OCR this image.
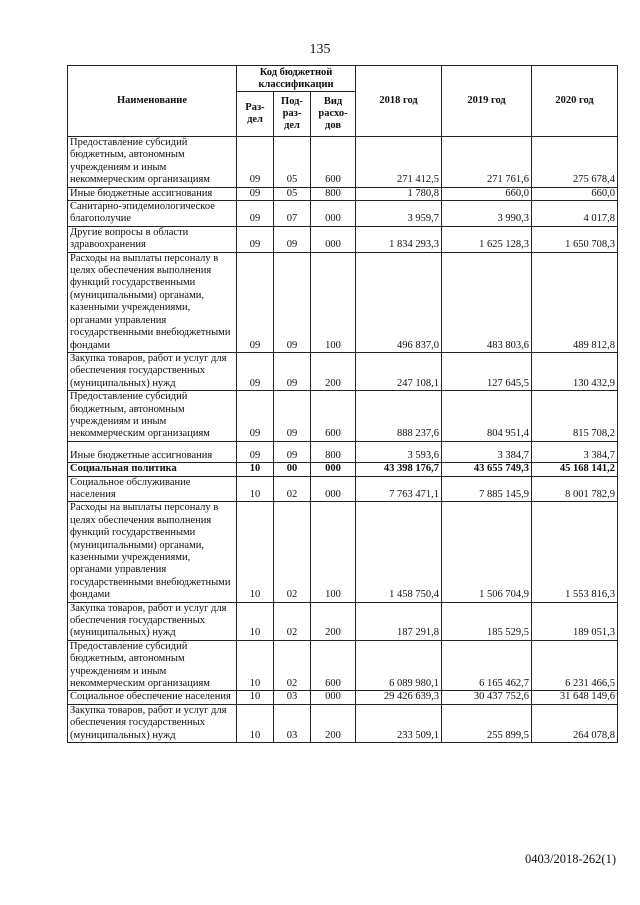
135
Наименование	Код бюджетной классификации			2018 год	2019 год	2020 год
	Раз-дел	Под-раз-дел	Вид расхо-дов			
Предоставление субсидий бюджетным, автономным учреждениям и иным некоммерческим организациям	09	05	600	271 412,5	271 761,6	275 678,4
Иные бюджетные ассигнования	09	05	800	1 780,8	660,0	660,0
Санитарно-эпидемиологическое благополучие	09	07	000	3 959,7	3 990,3	4 017,8
Другие вопросы в области здравоохранения	09	09	000	1 834 293,3	1 625 128,3	1 650 708,3
Расходы на выплаты персоналу в целях обеспечения выполнения функций государственными (муниципальными) органами, казенными учреждениями, органами управления государственными внебюджетными фондами	09	09	100	496 837,0	483 803,6	489 812,8
Закупка товаров, работ и услуг для обеспечения государственных (муниципальных) нужд	09	09	200	247 108,1	127 645,5	130 432,9
Предоставление субсидий бюджетным, автономным учреждениям и иным некоммерческим организациям	09	09	600	888 237,6	804 951,4	815 708,2
Иные бюджетные ассигнования	09	09	800	3 593,6	3 384,7	3 384,7
Социальная политика	10	00	000	43 398 176,7	43 655 749,3	45 168 141,2
Социальное обслуживание населения	10	02	000	7 763 471,1	7 885 145,9	8 001 782,9
Расходы на выплаты персоналу в целях обеспечения выполнения функций государственными (муниципальными) органами, казенными учреждениями, органами управления государственными внебюджетными фондами	10	02	100	1 458 750,4	1 506 704,9	1 553 816,3
Закупка товаров, работ и услуг для обеспечения государственных (муниципальных) нужд	10	02	200	187 291,8	185 529,5	189 051,3
Предоставление субсидий бюджетным, автономным учреждениям и иным некоммерческим организациям	10	02	600	6 089 980,1	6 165 462,7	6 231 466,5
Социальное обеспечение населения	10	03	000	29 426 639,3	30 437 752,6	31 648 149,6
Закупка товаров, работ и услуг для обеспечения государственных (муниципальных) нужд	10	03	200	233 509,1	255 899,5	264 078,8
0403/2018-262(1)
